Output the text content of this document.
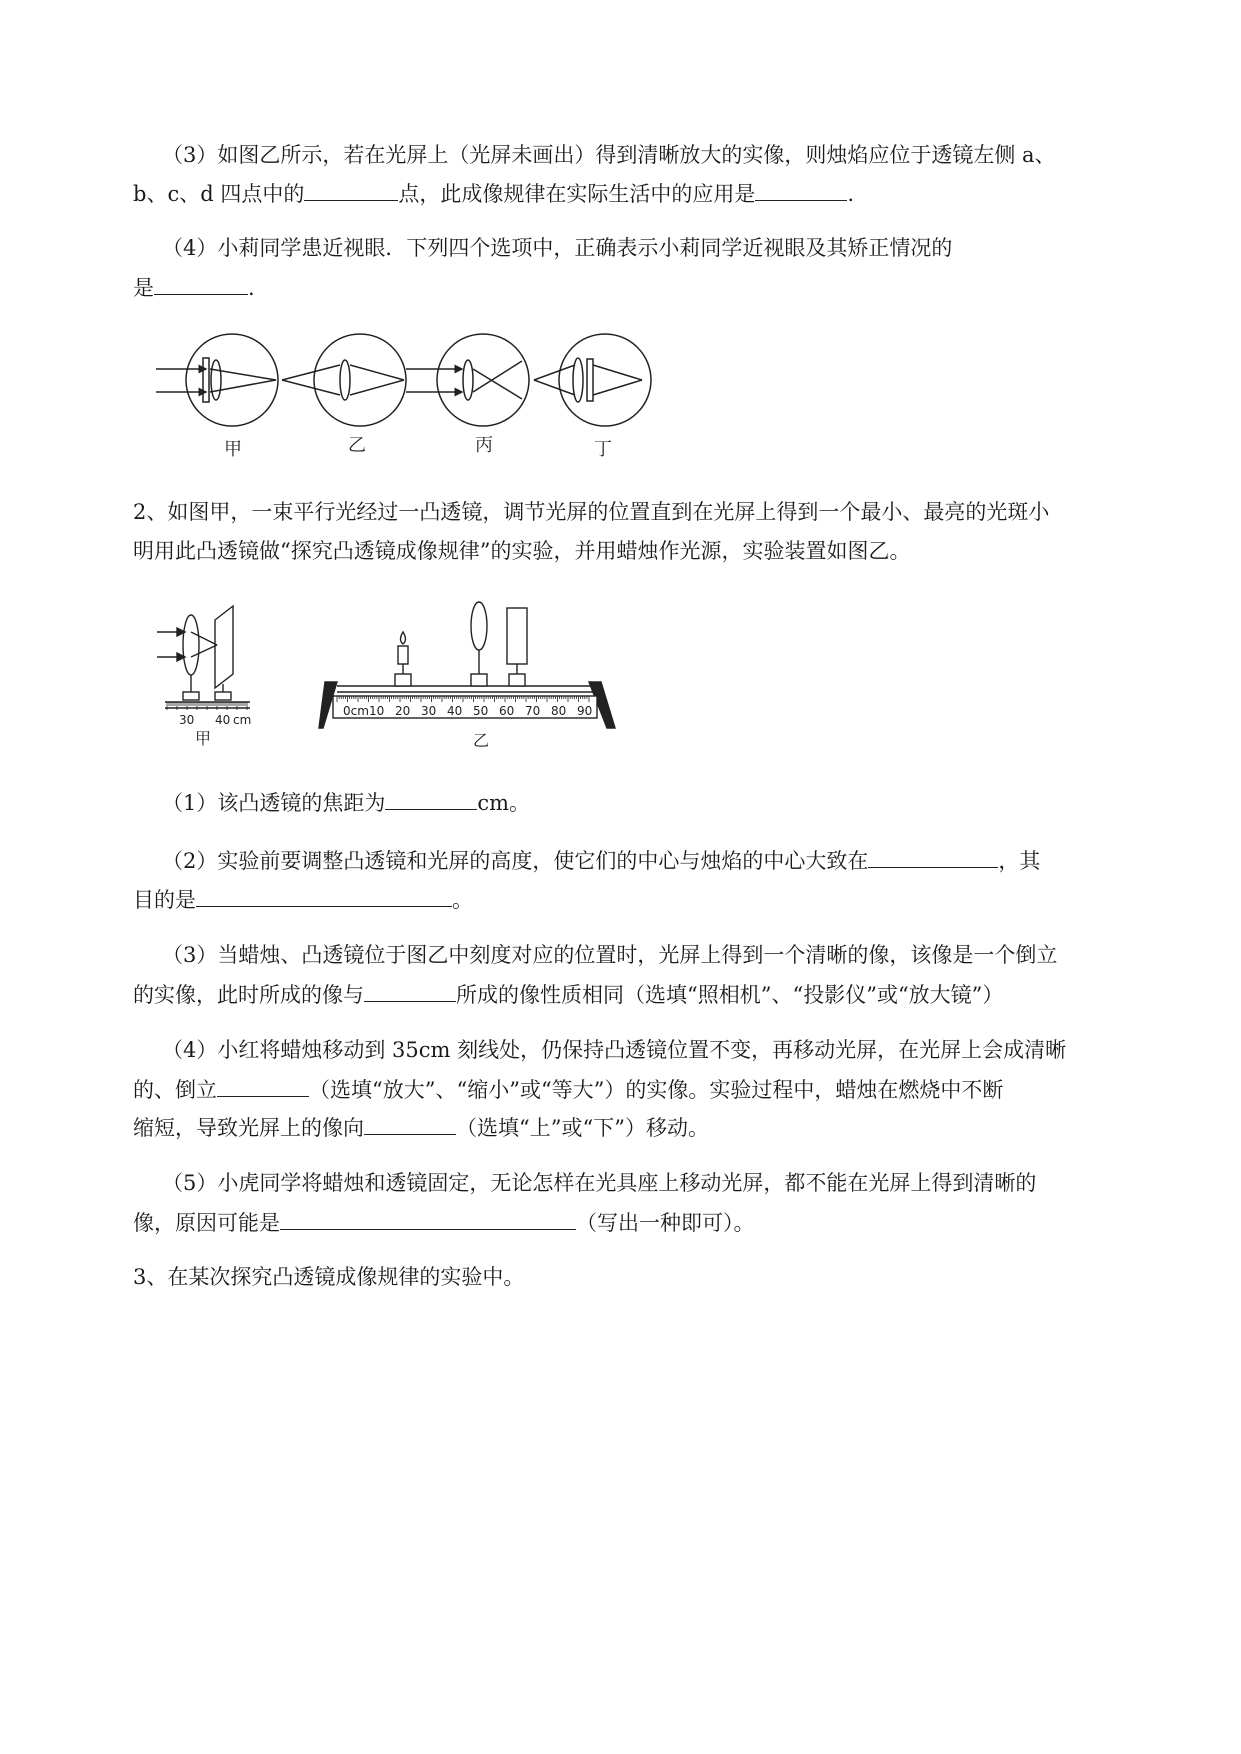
（3）如图乙所示，若在光屏上（光屏未画出）得到清晰放大的实像，则烛焰应位于透镜左侧 a、
b、c、d 四点中的	点，此成像规律在实际生活中的应用是	.
（4）小莉同学患近视眼．下列四个选项中，正确表示小莉同学近视眼及其矫正情况的
是	.
甲	乙	丙	丁
2、如图甲，一束平行光经过一凸透镜，调节光屏的位置直到在光屏上得到一个最小、最亮的光斑小
明用此凸透镜做“探究凸透镜成像规律”的实验，并用蜡烛作光源，实验装置如图乙。
30 40 cm
甲
0cm 10 20 30 40 50 60 70 80 90
乙
（1）该凸透镜的焦距为	cm。
（2）实验前要调整凸透镜和光屏的高度，使它们的中心与烛焰的中心大致在	，其
目的是	。
（3）当蜡烛、凸透镜位于图乙中刻度对应的位置时，光屏上得到一个清晰的像，该像是一个倒立
的实像，此时所成的像与	所成的像性质相同（选填“照相机”、“投影仪”或“放大镜”）
（4）小红将蜡烛移动到 35cm 刻线处，仍保持凸透镜位置不变，再移动光屏，在光屏上会成清晰
的、倒立	（选填“放大”、“缩小”或“等大”）的实像。实验过程中，蜡烛在燃烧中不断
缩短，导致光屏上的像向	（选填“上”或“下”）移动。
（5）小虎同学将蜡烛和透镜固定，无论怎样在光具座上移动光屏，都不能在光屏上得到清晰的
像，原因可能是	（写出一种即可）。
3、在某次探究凸透镜成像规律的实验中。
